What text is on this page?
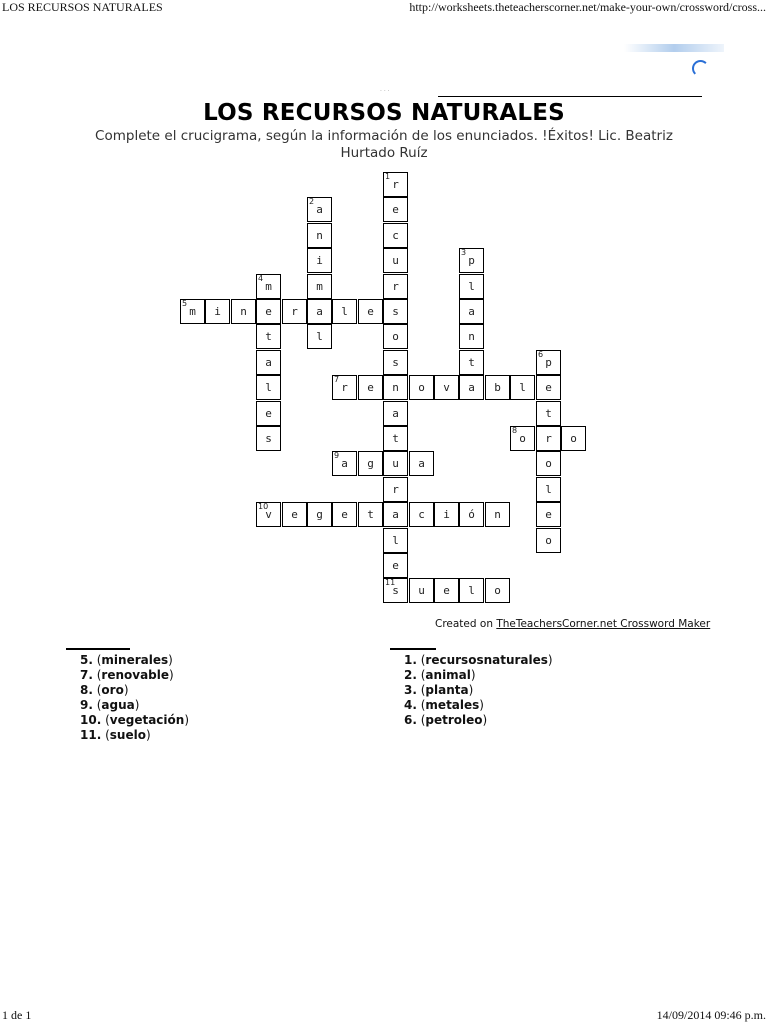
LOS RECURSOS NATURALES	http://worksheets.theteacherscorner.net/make-your-own/crossword/cross...
· · ·
LOS RECURSOS NATURALES
Complete el crucigrama, según la información de los enunciados. !Éxitos! Lic. Beatriz Hurtado Ruíz
1
r
e
c
u
r
s
o
s
n
a
t
u
r
a
l
e
11
s
2
a
n
i
m
a
l
3
p
l
a
n
t
a
4
m
e
t
a
l
e
s
5
m	i	n	r	l	e
6
p
e
t
r
o
l
e
o
7
r	e	o	v	b	l
8
o	o
9
a	g	a
10
v	e	g	e	t	c	i	ó	n
u	e	l	o
Created on TheTeachersCorner.net Crossword Maker
5. (minerales)
7. (renovable)
8. (oro)
9. (agua)
10. (vegetación)
11. (suelo)
1. (recursosnaturales)
2. (animal)
3. (planta)
4. (metales)
6. (petroleo)
1 de 1	14/09/2014 09:46 p.m.
